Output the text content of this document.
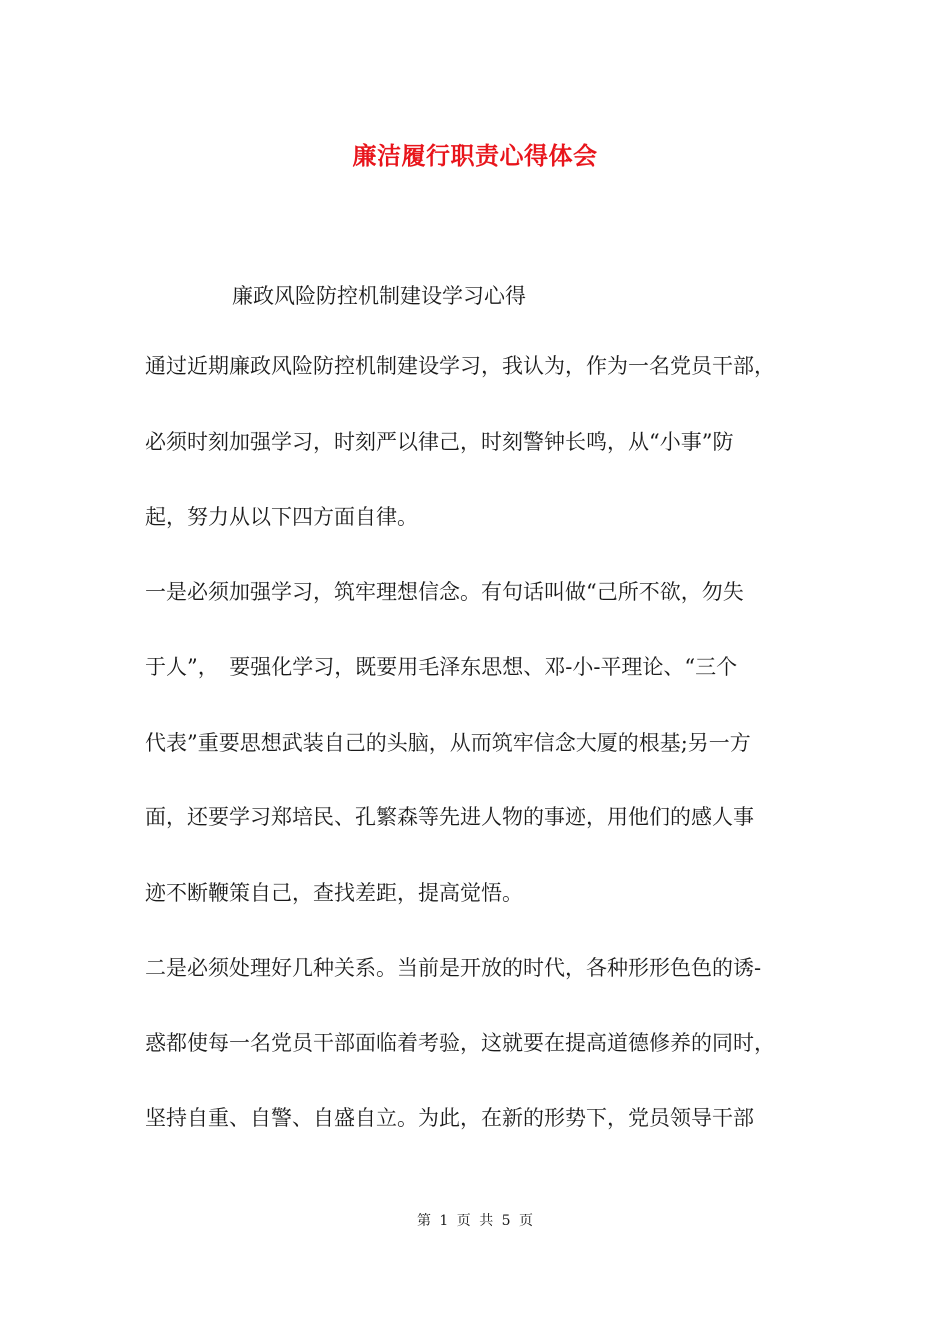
廉洁履行职责心得体会
廉政风险防控机制建设学习心得
通过近期廉政风险防控机制建设学习，我认为，作为一名党员干部，
必须时刻加强学习，时刻严以律己，时刻警钟长鸣，从“小事”防
起，努力从以下四方面自律。
一是必须加强学习，筑牢理想信念。有句话叫做“己所不欲，勿失
于人”，　要强化学习，既要用毛泽东思想、邓-小-平理论、“三个
代表”重要思想武装自己的头脑，从而筑牢信念大厦的根基;另一方
面，还要学习郑培民、孔繁森等先进人物的事迹，用他们的感人事
迹不断鞭策自己，查找差距，提高觉悟。
二是必须处理好几种关系。当前是开放的时代，各种形形色色的诱-
惑都使每一名党员干部面临着考验，这就要在提高道德修养的同时，
坚持自重、自警、自盛自立。为此，在新的形势下，党员领导干部
第 1 页 共 5 页
